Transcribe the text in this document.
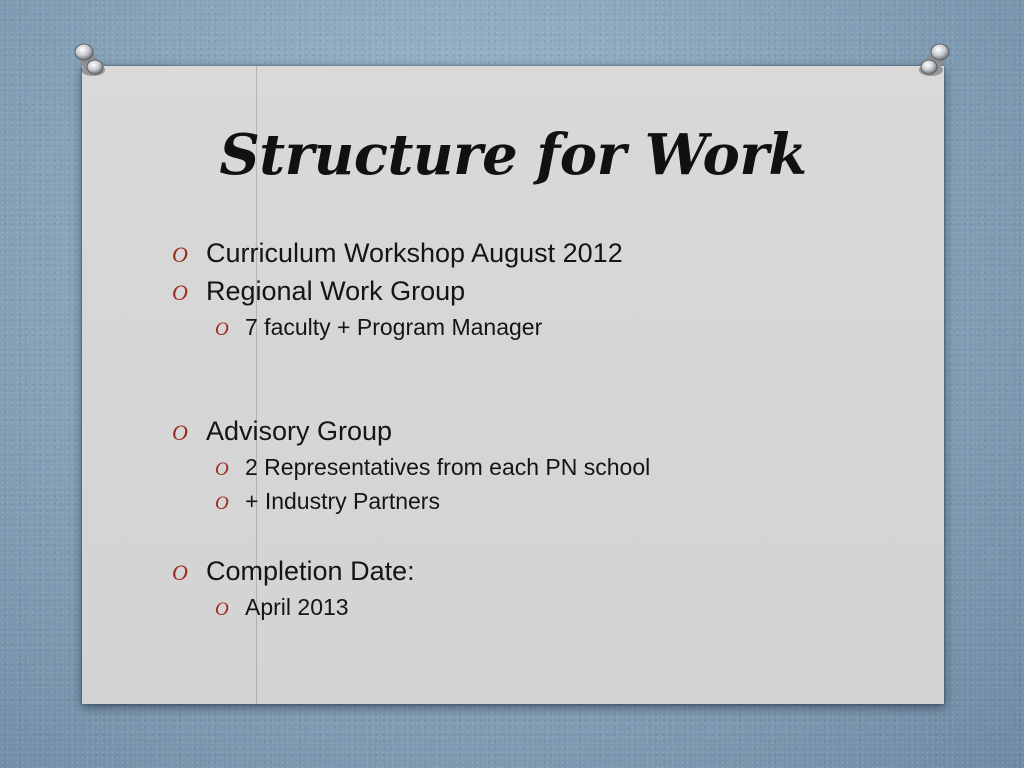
Structure for Work
O Curriculum Workshop August 2012
O Regional Work Group
O 7 faculty + Program Manager
O Advisory Group
O 2 Representatives from each PN school
O + Industry Partners
O Completion Date:
O April 2013
